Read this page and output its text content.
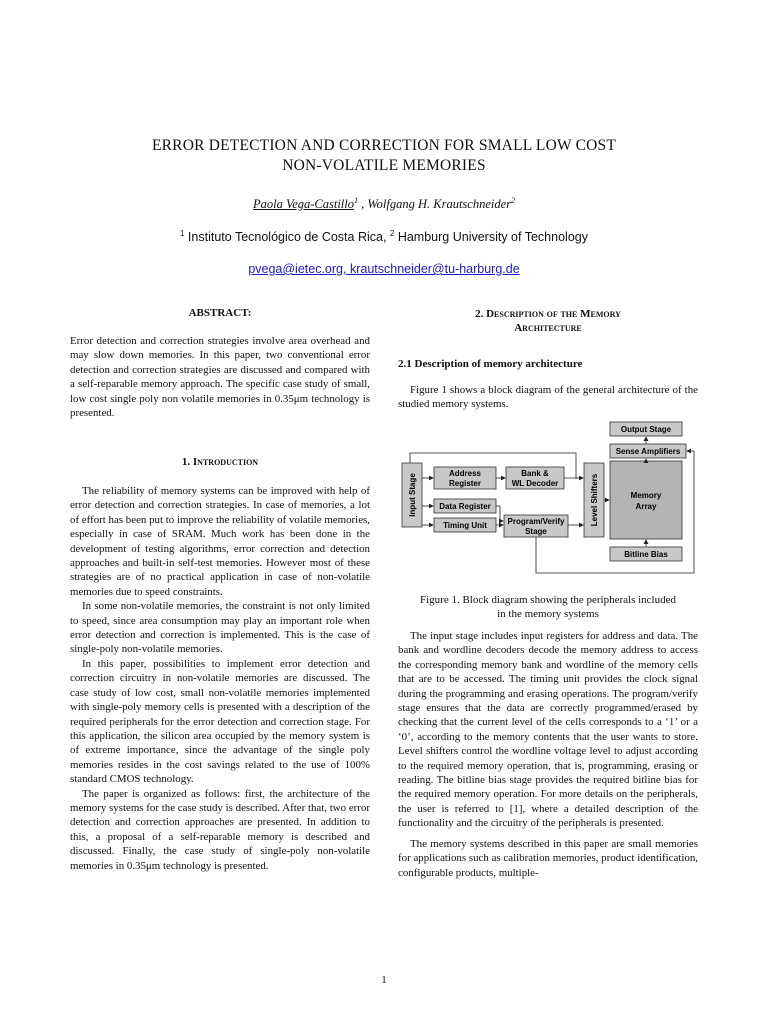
ERROR DETECTION AND CORRECTION FOR SMALL LOW COST
NON-VOLATILE MEMORIES
Paola Vega-Castillo$^1$ , Wolfgang H. Krautschneider$^2$
$^1$ Instituto Tecnológico de Costa Rica, $^2$ Hamburg University of Technology
pvega@ietec.org, krautschneider@tu-harburg.de
ABSTRACT:

Error detection and correction strategies involve area overhead and may slow down memories. In this paper, two conventional error detection and correction strategies are discussed and compared with a self-reparable memory approach. The specific case study of small, low cost single poly non volatile memories in 0.35μm technology is presented.

1. Introduction

The reliability of memory systems can be improved with help of error detection and correction strategies. In case of memories, a lot of effort has been put to improve the reliability of volatile memories, especially in case of SRAM. Much work has been done in the development of testing algorithms, error correction and detection approaches and built-in self-test memories. However most of these strategies are of no practical application in case of non-volatile memories due to speed constraints.

In some non-volatile memories, the constraint is not only limited to speed, since area consumption may play an important role when error detection and correction is implemented. This is the case of single-poly non-volatile memories.

In this paper, possibilities to implement error detection and correction circuitry in non-volatile memories are discussed. The case study of low cost, small non-volatile memories implemented with single-poly memory cells is presented with a description of the required peripherals for the error detection and correction stage. For this application, the silicon area occupied by the memory system is of extreme importance, since the advantage of the single poly memories resides in the cost savings related to the use of 100% standard CMOS technology.

The paper is organized as follows: first, the architecture of the memory systems for the case study is described. After that, two error detection and correction approaches are presented. In addition to this, a proposal of a self-reparable memory is described and discussed. Finally, the case study of single-poly non-volatile memories in 0.35μm technology is presented.

2. Description of the Memory
Architecture
2.1 Description of memory architecture

Figure 1 shows a block diagram of the general architecture of the studied memory systems.

Input Stage	Address
Register
Data Register
Timing Unit
Bank &
WL Decoder
Program/Verify
Stage
Level Shifters	Memory
Array
Output Stage
Sense Amplifiers
Bitline Bias
Figure 1. Block diagram showing the peripherals included
in the memory systems

The input stage includes input registers for address and data. The bank and wordline decoders decode the memory address to access the corresponding memory bank and wordline of the memory cells that are to be accessed. The timing unit provides the clock signal during the programming and erasing operations. The program/verify stage ensures that the data are correctly programmed/erased by checking that the current level of the cells corresponds to a ‘1’ or a ‘0’, according to the memory contents that the user wants to store. Level shifters control the wordline voltage level to adjust according to the required memory operation, that is, programming, erasing or reading. The bitline bias stage provides the required bitline bias for the required memory operation. For more details on the peripherals, the user is referred to [1], where a detailed description of the functionality and the circuitry of the peripherals is presented.

The memory systems described in this paper are small memories for applications such as calibration memories, product identification, configurable products, multiple-

1
